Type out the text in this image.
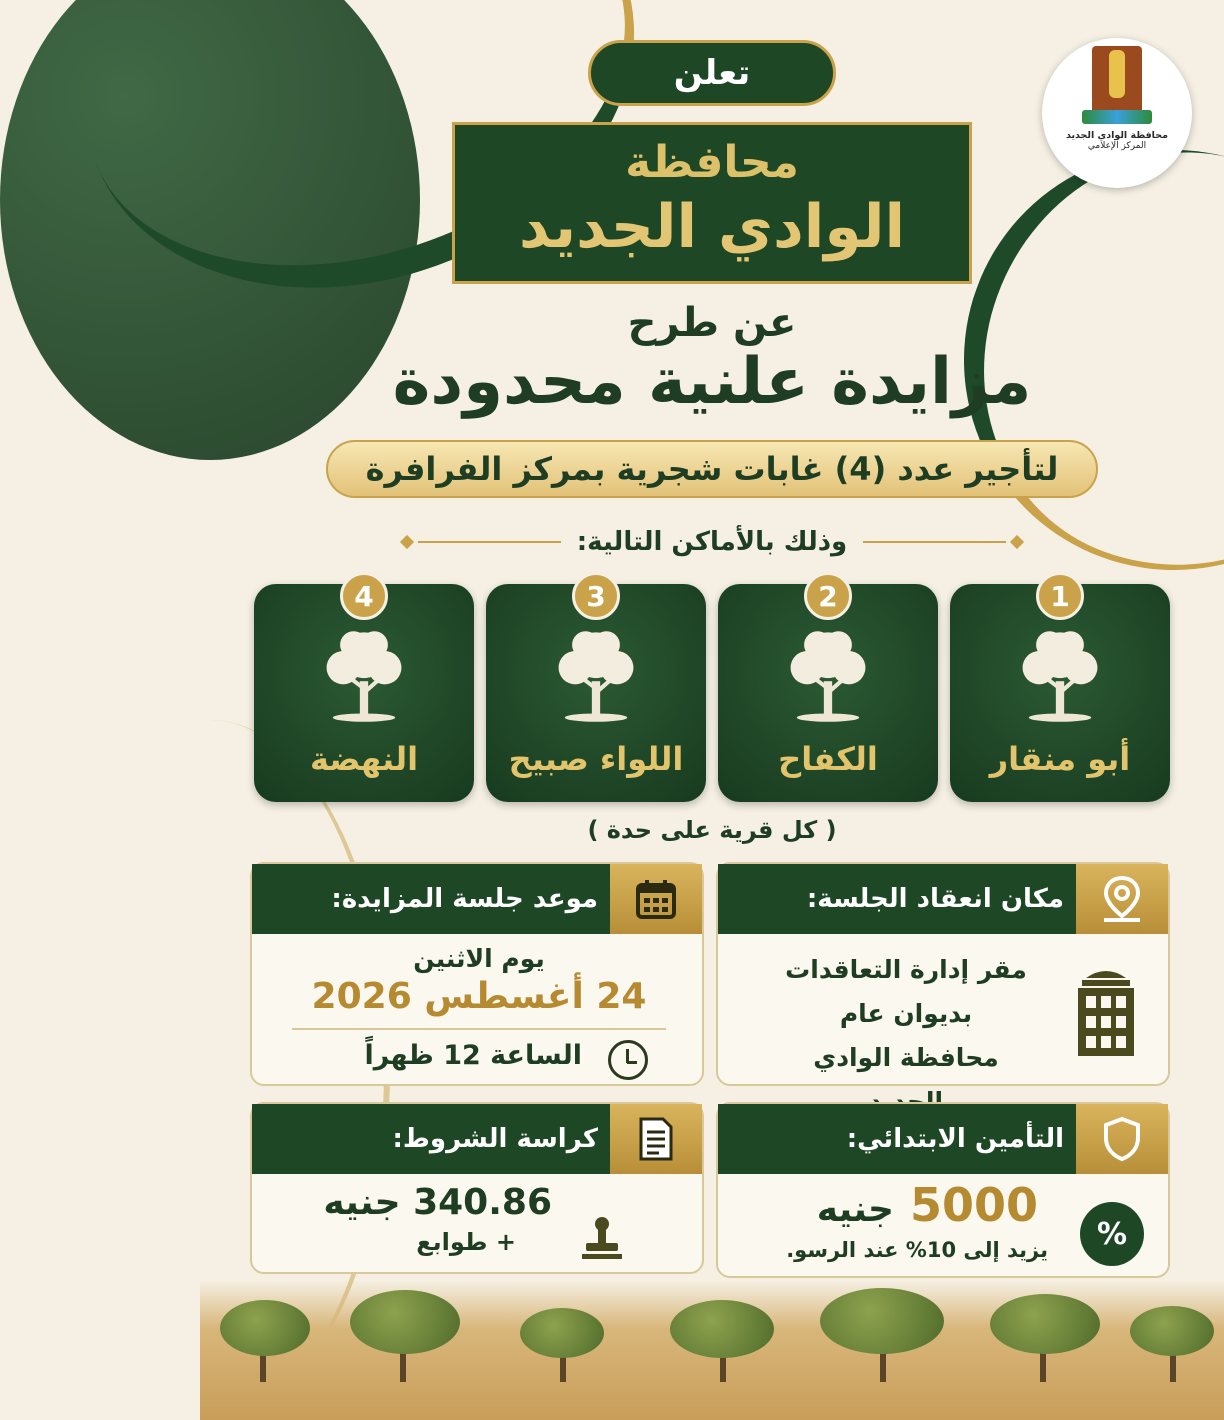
محافظة الوادي الجديد
المركز الإعلامي
تعلن
محافظة
الوادي الجديد
عن طرح
مزايدة علنية محدودة
لتأجير عدد (4) غابات شجرية بمركز الفرافرة
وذلك بالأماكن التالية:
1
أبو منقار
2
الكفاح
3
اللواء صبيح
4
النهضة
( كل قرية على حدة )
مكان انعقاد الجلسة:
مقر إدارة التعاقدات
بديوان عام
محافظة الوادي
موعد جلسة المزايدة:
يوم الاثنين
24 أغسطس 2026
الساعة 12 ظهراً
التأمين الابتدائي:
5000 جنيه
يزيد إلى 10% عند الرسو.	%
كراسة الشروط:
340.86 جنيه
+ طوابع
